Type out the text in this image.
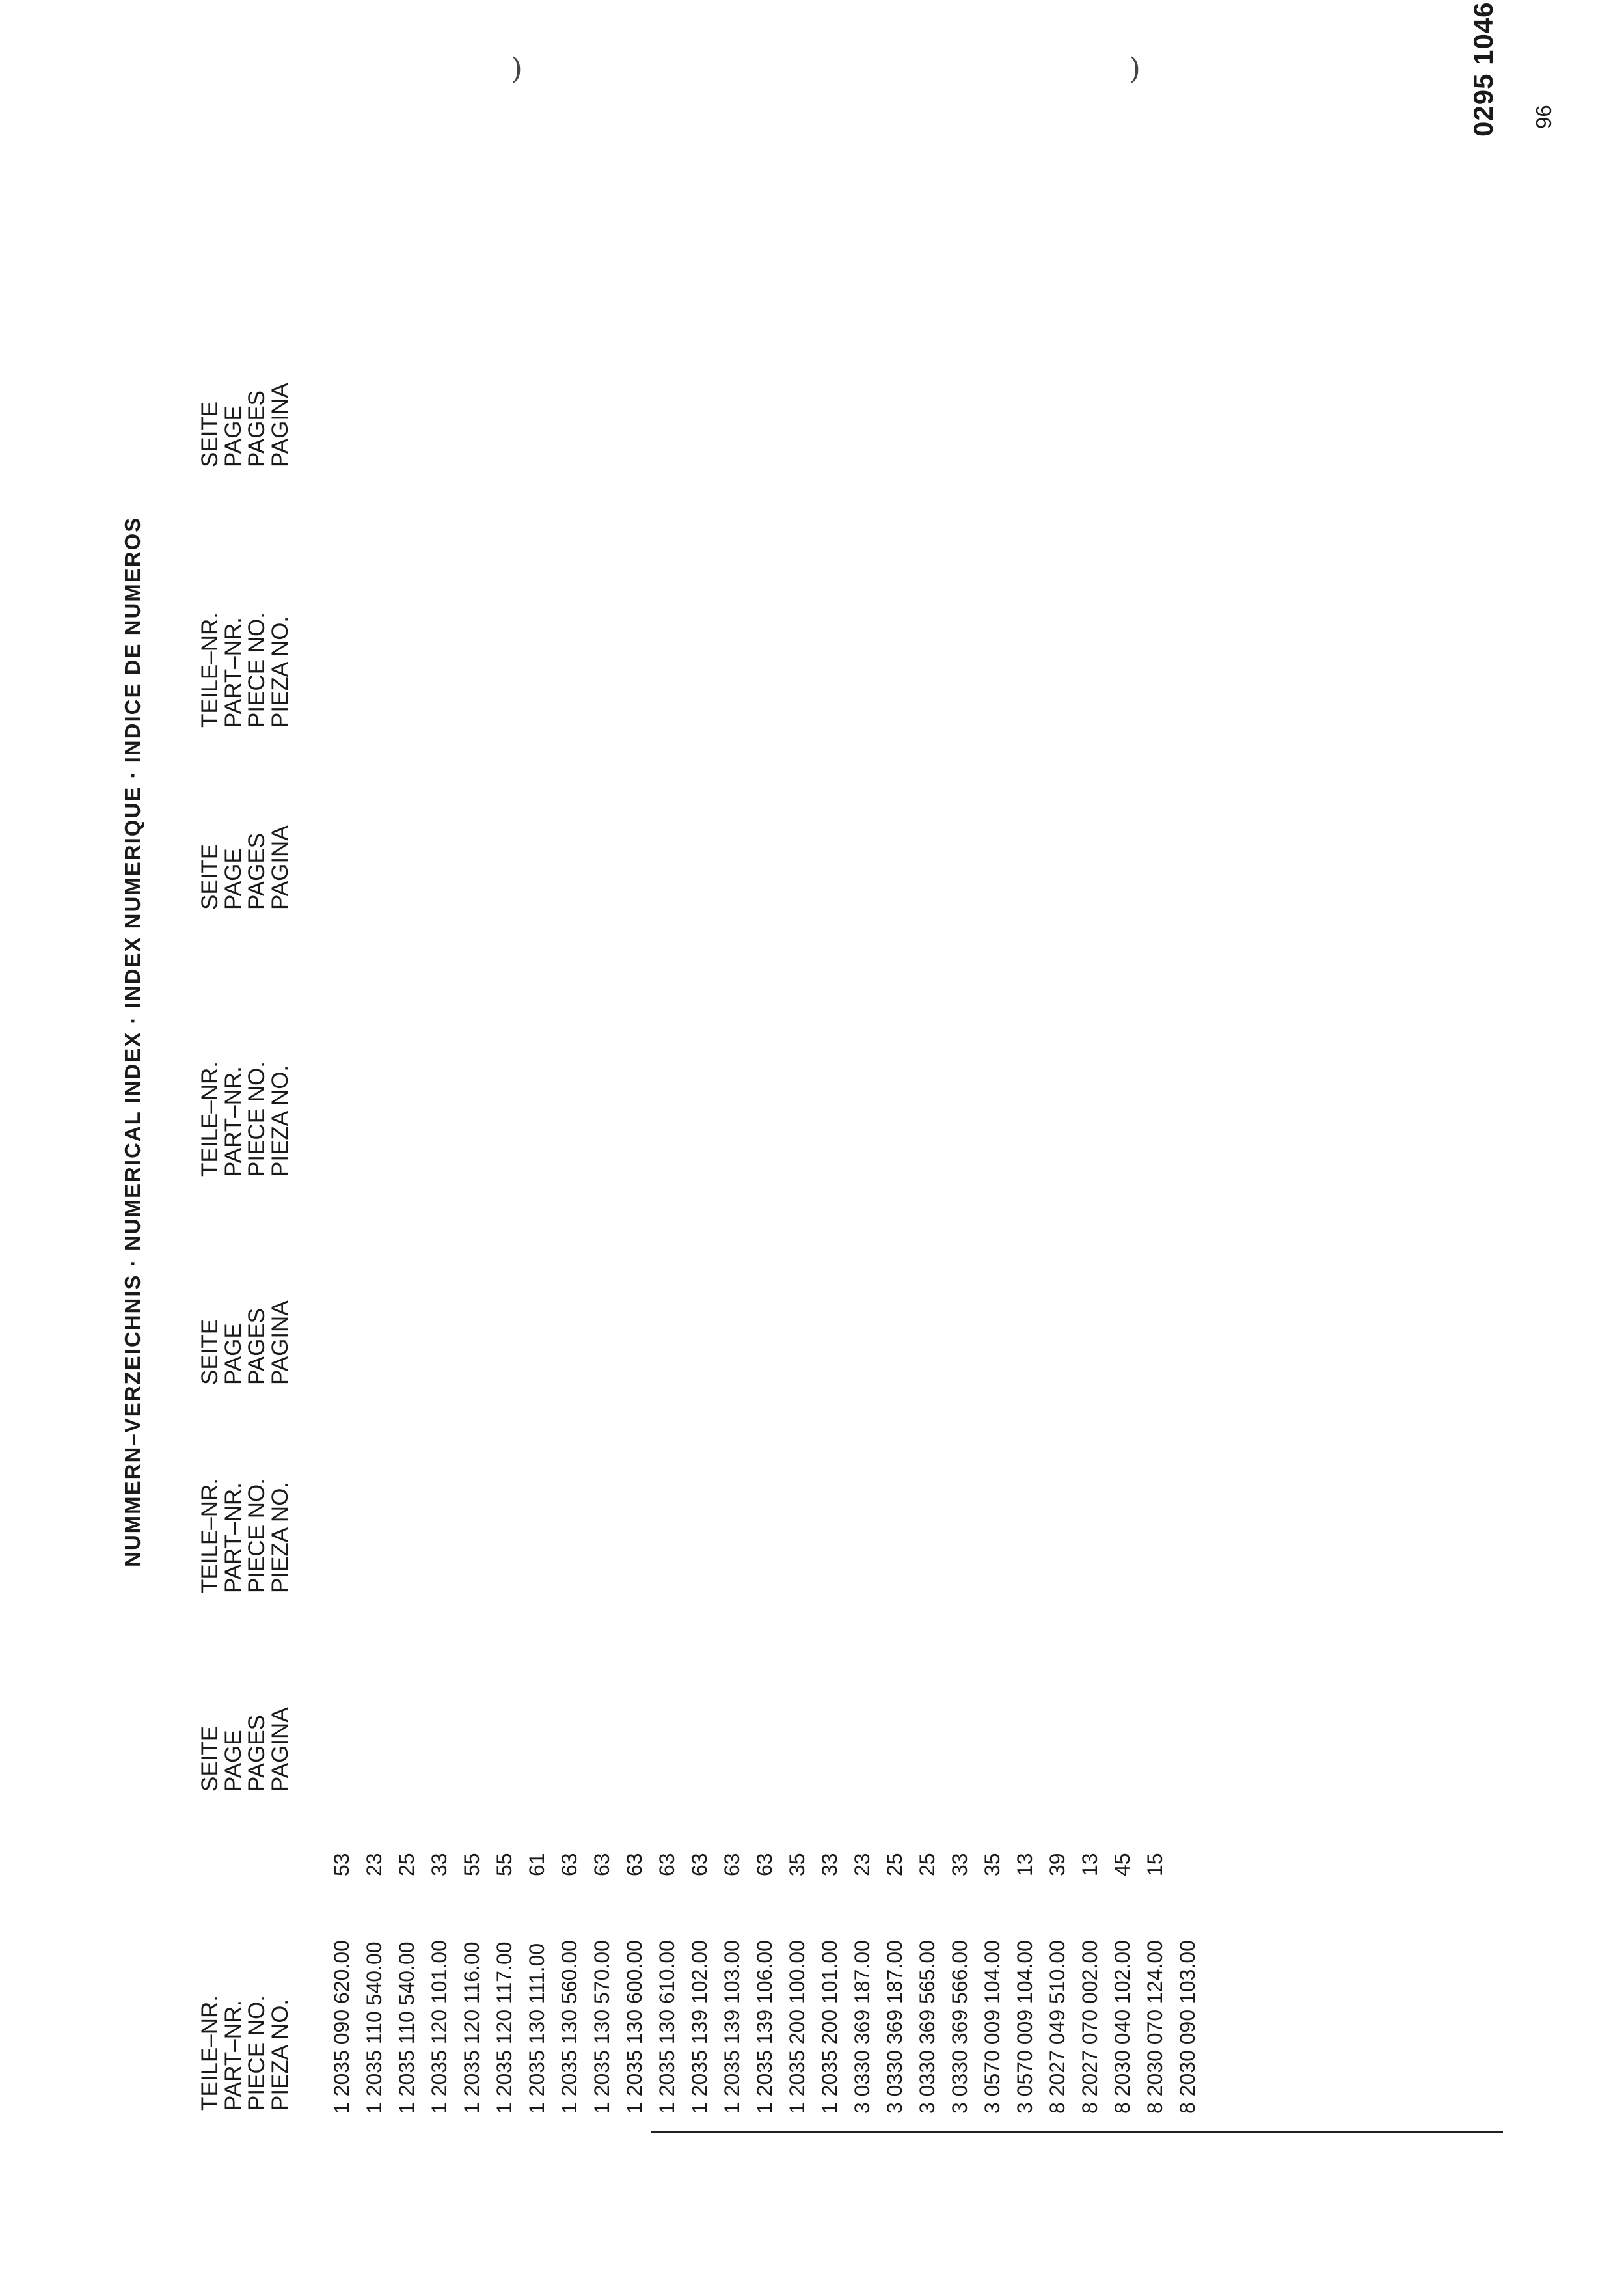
)	)	0295 1046
NUMMERN–VERZEICHNIS · NUMERICAL INDEX · INDEX NUMERIQUE · INDICE DE NUMEROS
TEILE–NR.
PART–NR.
PIECE NO.
PIEZA NO.
SEITE
PAGE
PAGES
PAGINA
TEILE–NR.
PART–NR.
PIECE NO.
PIEZA NO.
SEITE
PAGE
PAGES
PAGINA
TEILE–NR.
PART–NR.
PIECE NO.
PIEZA NO.
SEITE
PAGE
PAGES
PAGINA
TEILE–NR.
PART–NR.
PIECE NO.
PIEZA NO.
SEITE
PAGE
PAGES
PAGINA
1 2035 090 620.00
53
1 2035 110 540.00
23
1 2035 110 540.00
25
1 2035 120 101.00
33
1 2035 120 116.00
55
1 2035 120 117.00
55
1 2035 130 111.00
61
1 2035 130 560.00
63
1 2035 130 570.00
63
1 2035 130 600.00
63
1 2035 130 610.00
63
1 2035 139 102.00
63
1 2035 139 103.00
63
1 2035 139 106.00
63
1 2035 200 100.00
35
1 2035 200 101.00
33
3 0330 369 187.00
23
3 0330 369 187.00
25
3 0330 369 565.00
25
3 0330 369 566.00
33
3 0570 009 104.00
35
3 0570 009 104.00
13
8 2027 049 510.00
39
8 2027 070 002.00
13
8 2030 040 102.00
45
8 2030 070 124.00
15
8 2030 090 103.00
96
